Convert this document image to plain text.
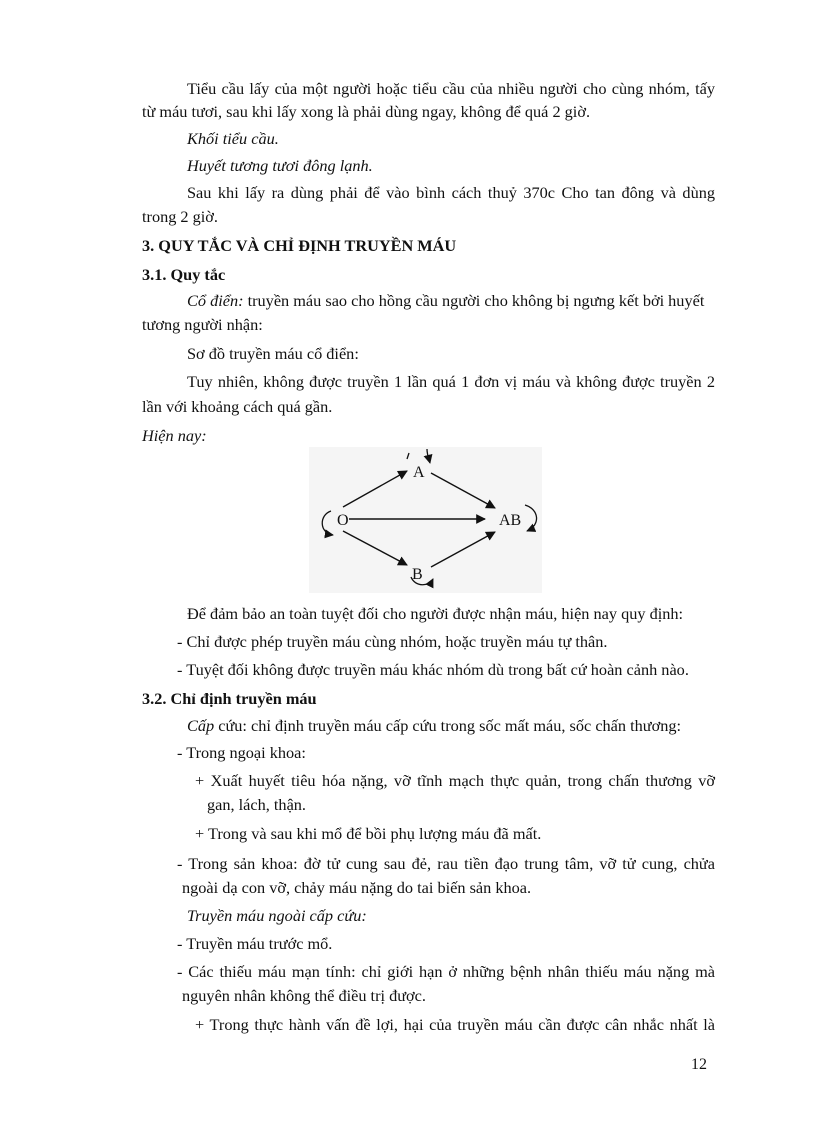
Tiểu cầu lấy của một người hoặc tiểu cầu của nhiều người cho cùng nhóm, tấy
từ máu tươi, sau khi lấy xong là phải dùng ngay, không để quá 2 giờ.
Khối tiểu cầu.
Huyết tương tươi đông lạnh.
Sau khi lấy ra dùng phải để vào bình cách thuỷ 370c Cho tan đông và dùng
trong 2 giờ.
3. QUY TẮC VÀ CHỈ ĐỊNH TRUYỀN MÁU
3.1. Quy tắc
Cổ điển: truyền máu sao cho hồng cầu người cho không bị ngưng kết bởi huyết
tương người nhận:
Sơ đồ truyền máu cổ điển:
Tuy nhiên, không được truyền 1 lần quá 1 đơn vị máu và không được truyền 2
lần với khoảng cách quá gần.
Hiện nay:
O
A
B
AB
Để đảm bảo an toàn tuyệt đối cho người được nhận máu, hiện nay quy định:
- Chỉ được phép truyền máu cùng nhóm, hoặc truyền máu tự thân.
- Tuyệt đối không được truyền máu khác nhóm dù trong bất cứ hoàn cảnh nào.
3.2. Chỉ định truyền máu
Cấp cứu: chỉ định truyền máu cấp cứu trong sốc mất máu, sốc chấn thương:
- Trong ngoại khoa:
+ Xuất huyết tiêu hóa nặng, vỡ tĩnh mạch thực quản, trong chấn thương vỡ
gan, lách, thận.
+ Trong và sau khi mổ để bồi phụ lượng máu đã mất.
- Trong sản khoa: đờ tử cung sau đẻ, rau tiền đạo trung tâm, vỡ tử cung, chửa
ngoài dạ con vỡ, chảy máu nặng do tai biến sản khoa.
Truyền máu ngoài cấp cứu:
- Truyền máu trước mổ.
- Các thiếu máu mạn tính: chỉ giới hạn ở những bệnh nhân thiếu máu nặng mà
nguyên nhân không thể điều trị được.
+ Trong thực hành vấn đề lợi, hại của truyền máu cần được cân nhắc nhất là
12
